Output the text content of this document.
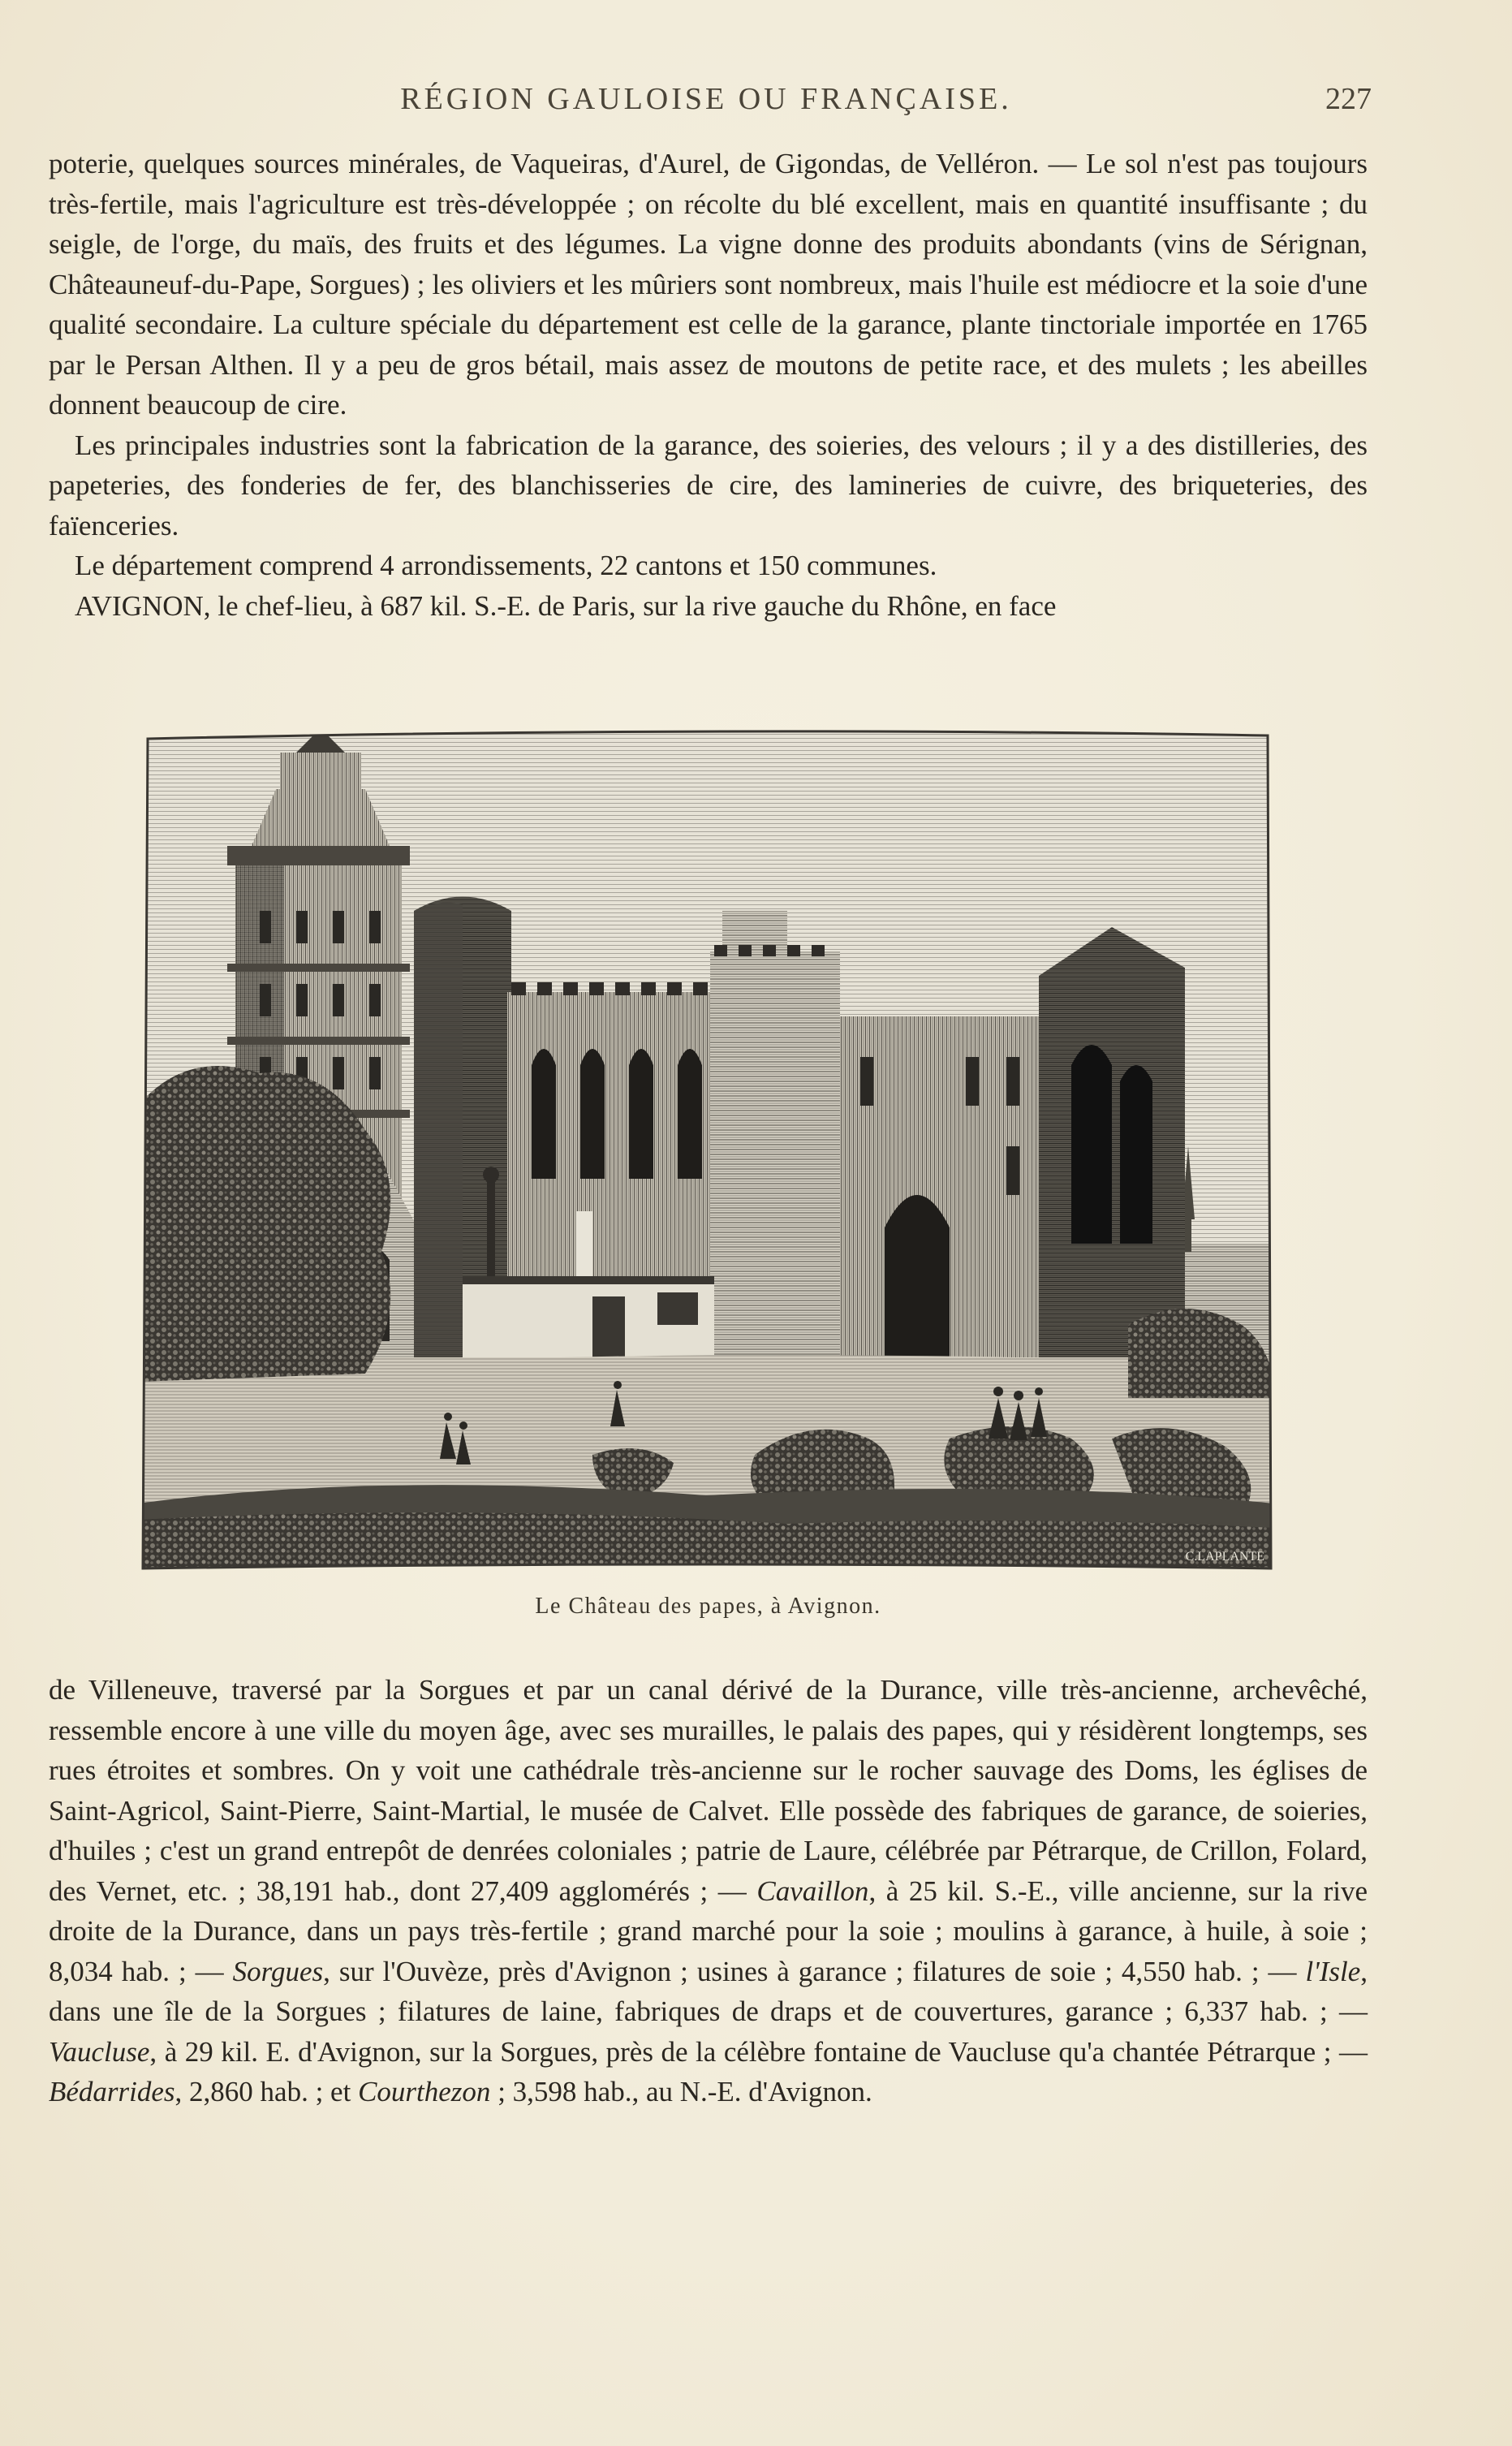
RÉGION GAULOISE OU FRANÇAISE.	227

poterie, quelques sources minérales, de Vaqueiras, d'Aurel, de Gigondas, de Velléron. — Le sol n'est pas toujours très-fertile, mais l'agriculture est très-développée ; on récolte du blé excellent, mais en quantité insuffisante ; du seigle, de l'orge, du maïs, des fruits et des légumes. La vigne donne des produits abondants (vins de Sérignan, Châteauneuf-du-Pape, Sorgues) ; les oliviers et les mûriers sont nombreux, mais l'huile est médiocre et la soie d'une qualité secondaire. La culture spéciale du département est celle de la garance, plante tinctoriale importée en 1765 par le Persan Althen. Il y a peu de gros bétail, mais assez de moutons de petite race, et des mulets ; les abeilles donnent beaucoup de cire.

Les principales industries sont la fabrication de la garance, des soieries, des velours ; il y a des distilleries, des papeteries, des fonderies de fer, des blanchisseries de cire, des lamineries de cuivre, des briqueteries, des faïenceries.

Le département comprend 4 arrondissements, 22 cantons et 150 communes.

AVIGNON, le chef-lieu, à 687 kil. S.-E. de Paris, sur la rive gauche du Rhône, en face

C.LAPLANTE
Le Château des papes, à Avignon.

de Villeneuve, traversé par la Sorgues et par un canal dérivé de la Durance, ville très-ancienne, archevêché, ressemble encore à une ville du moyen âge, avec ses murailles, le palais des papes, qui y résidèrent longtemps, ses rues étroites et sombres. On y voit une cathédrale très-ancienne sur le rocher sauvage des Doms, les églises de Saint-Agricol, Saint-Pierre, Saint-Martial, le musée de Calvet. Elle possède des fabriques de garance, de soieries, d'huiles ; c'est un grand entrepôt de denrées coloniales ; patrie de Laure, célébrée par Pétrarque, de Crillon, Folard, des Vernet, etc. ; 38,191 hab., dont 27,409 agglomérés ; — Cavaillon, à 25 kil. S.-E., ville ancienne, sur la rive droite de la Durance, dans un pays très-fertile ; grand marché pour la soie ; moulins à garance, à huile, à soie ; 8,034 hab. ; — Sorgues, sur l'Ouvèze, près d'Avignon ; usines à garance ; filatures de soie ; 4,550 hab. ; — l'Isle, dans une île de la Sorgues ; filatures de laine, fabriques de draps et de couvertures, garance ; 6,337 hab. ; — Vaucluse, à 29 kil. E. d'Avignon, sur la Sorgues, près de la célèbre fontaine de Vaucluse qu'a chantée Pétrarque ; — Bédarrides, 2,860 hab. ; et Courthezon ; 3,598 hab., au N.-E. d'Avignon.
